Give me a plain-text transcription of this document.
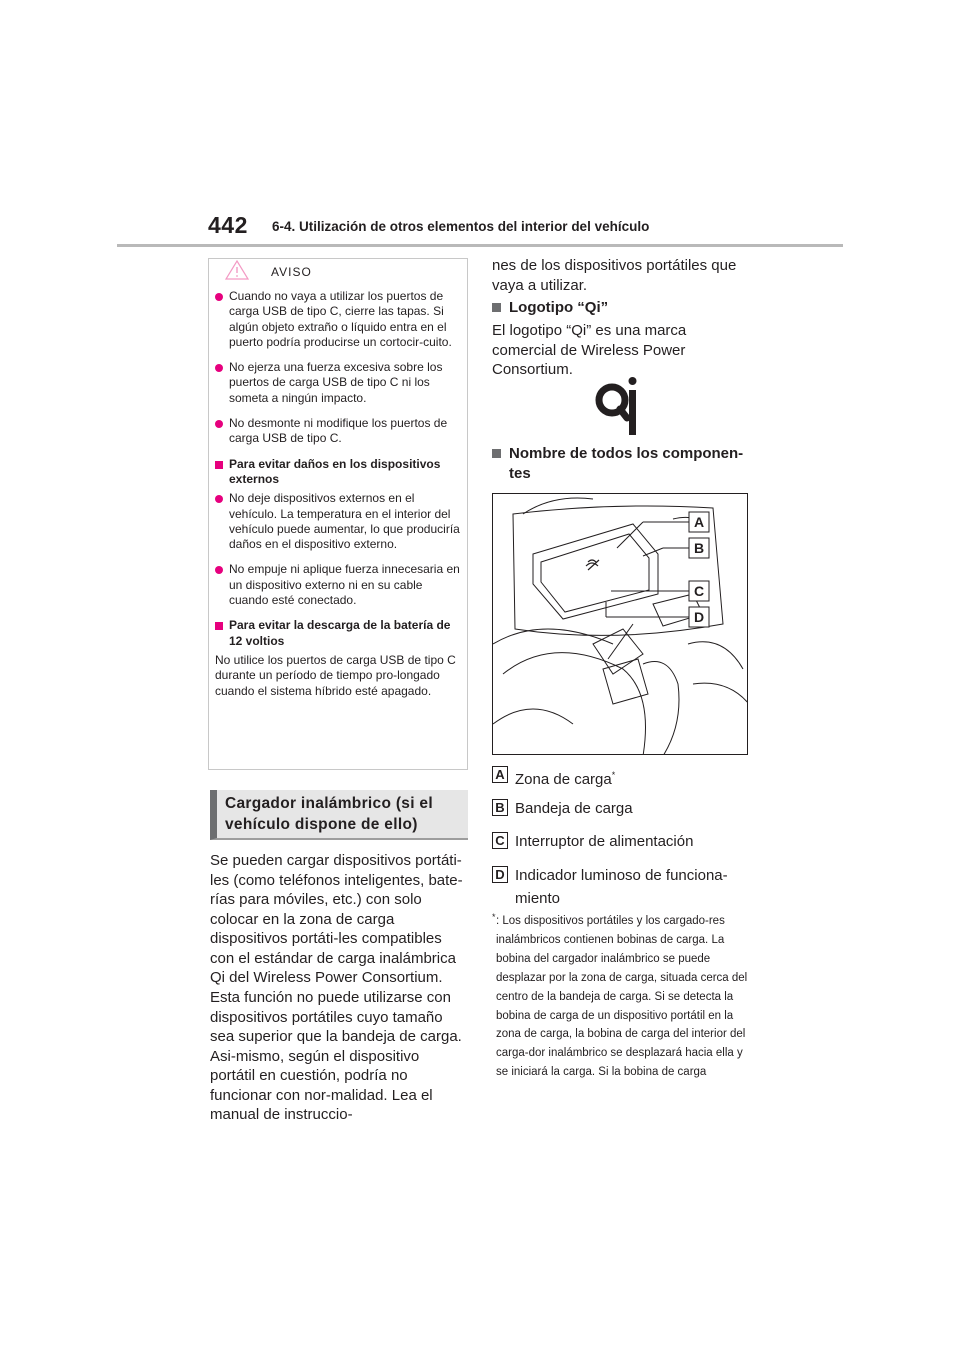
442 6-4. Utilización de otros elementos del interior del vehículo
AVISO
Cuando no vaya a utilizar los puertos de carga USB de tipo C, cierre las tapas. Si algún objeto extraño o líquido entra en el puerto podría producirse un cortocir-cuito.
No ejerza una fuerza excesiva sobre los puertos de carga USB de tipo C ni los someta a ningún impacto.
No desmonte ni modifique los puertos de carga USB de tipo C.
Para evitar daños en los dispositivos externos
No deje dispositivos externos en el vehículo. La temperatura en el interior del vehículo puede aumentar, lo que produciría daños en el dispositivo externo.
No empuje ni aplique fuerza innecesaria en un dispositivo externo ni en su cable cuando esté conectado.
Para evitar la descarga de la batería de 12 voltios
No utilice los puertos de carga USB de tipo C durante un período de tiempo pro-longado cuando el sistema híbrido esté apagado.
Cargador inalámbrico (si el vehículo dispone de ello)
Se pueden cargar dispositivos portáti-les (como teléfonos inteligentes, bate-rías para móviles, etc.) con solo colocar en la zona de carga dispositivos portáti-les compatibles con el estándar de carga inalámbrica Qi del Wireless Power Consortium.
Esta función no puede utilizarse con dispositivos portátiles cuyo tamaño sea superior que la bandeja de carga. Asi-mismo, según el dispositivo portátil en cuestión, podría no funcionar con nor-malidad. Lea el manual de instruccio-
nes de los dispositivos portátiles que vaya a utilizar.
Logotipo “Qi”
El logotipo “Qi” es una marca comercial de Wireless Power Consortium.
Nombre de todos los componen-tes
A
B
C
D
A Zona de carga*
B Bandeja de carga
C Interruptor de alimentación
D Indicador luminoso de funciona-
miento
* : Los dispositivos portátiles y los cargado-res inalámbricos contienen bobinas de carga. La bobina del cargador inalámbrico se puede desplazar por la zona de carga, situada cerca del centro de la bandeja de carga. Si se detecta la bobina de carga de un dispositivo portátil en la zona de carga, la bobina de carga del interior del carga-dor inalámbrico se desplazará hacia ella y se iniciará la carga. Si la bobina de carga
